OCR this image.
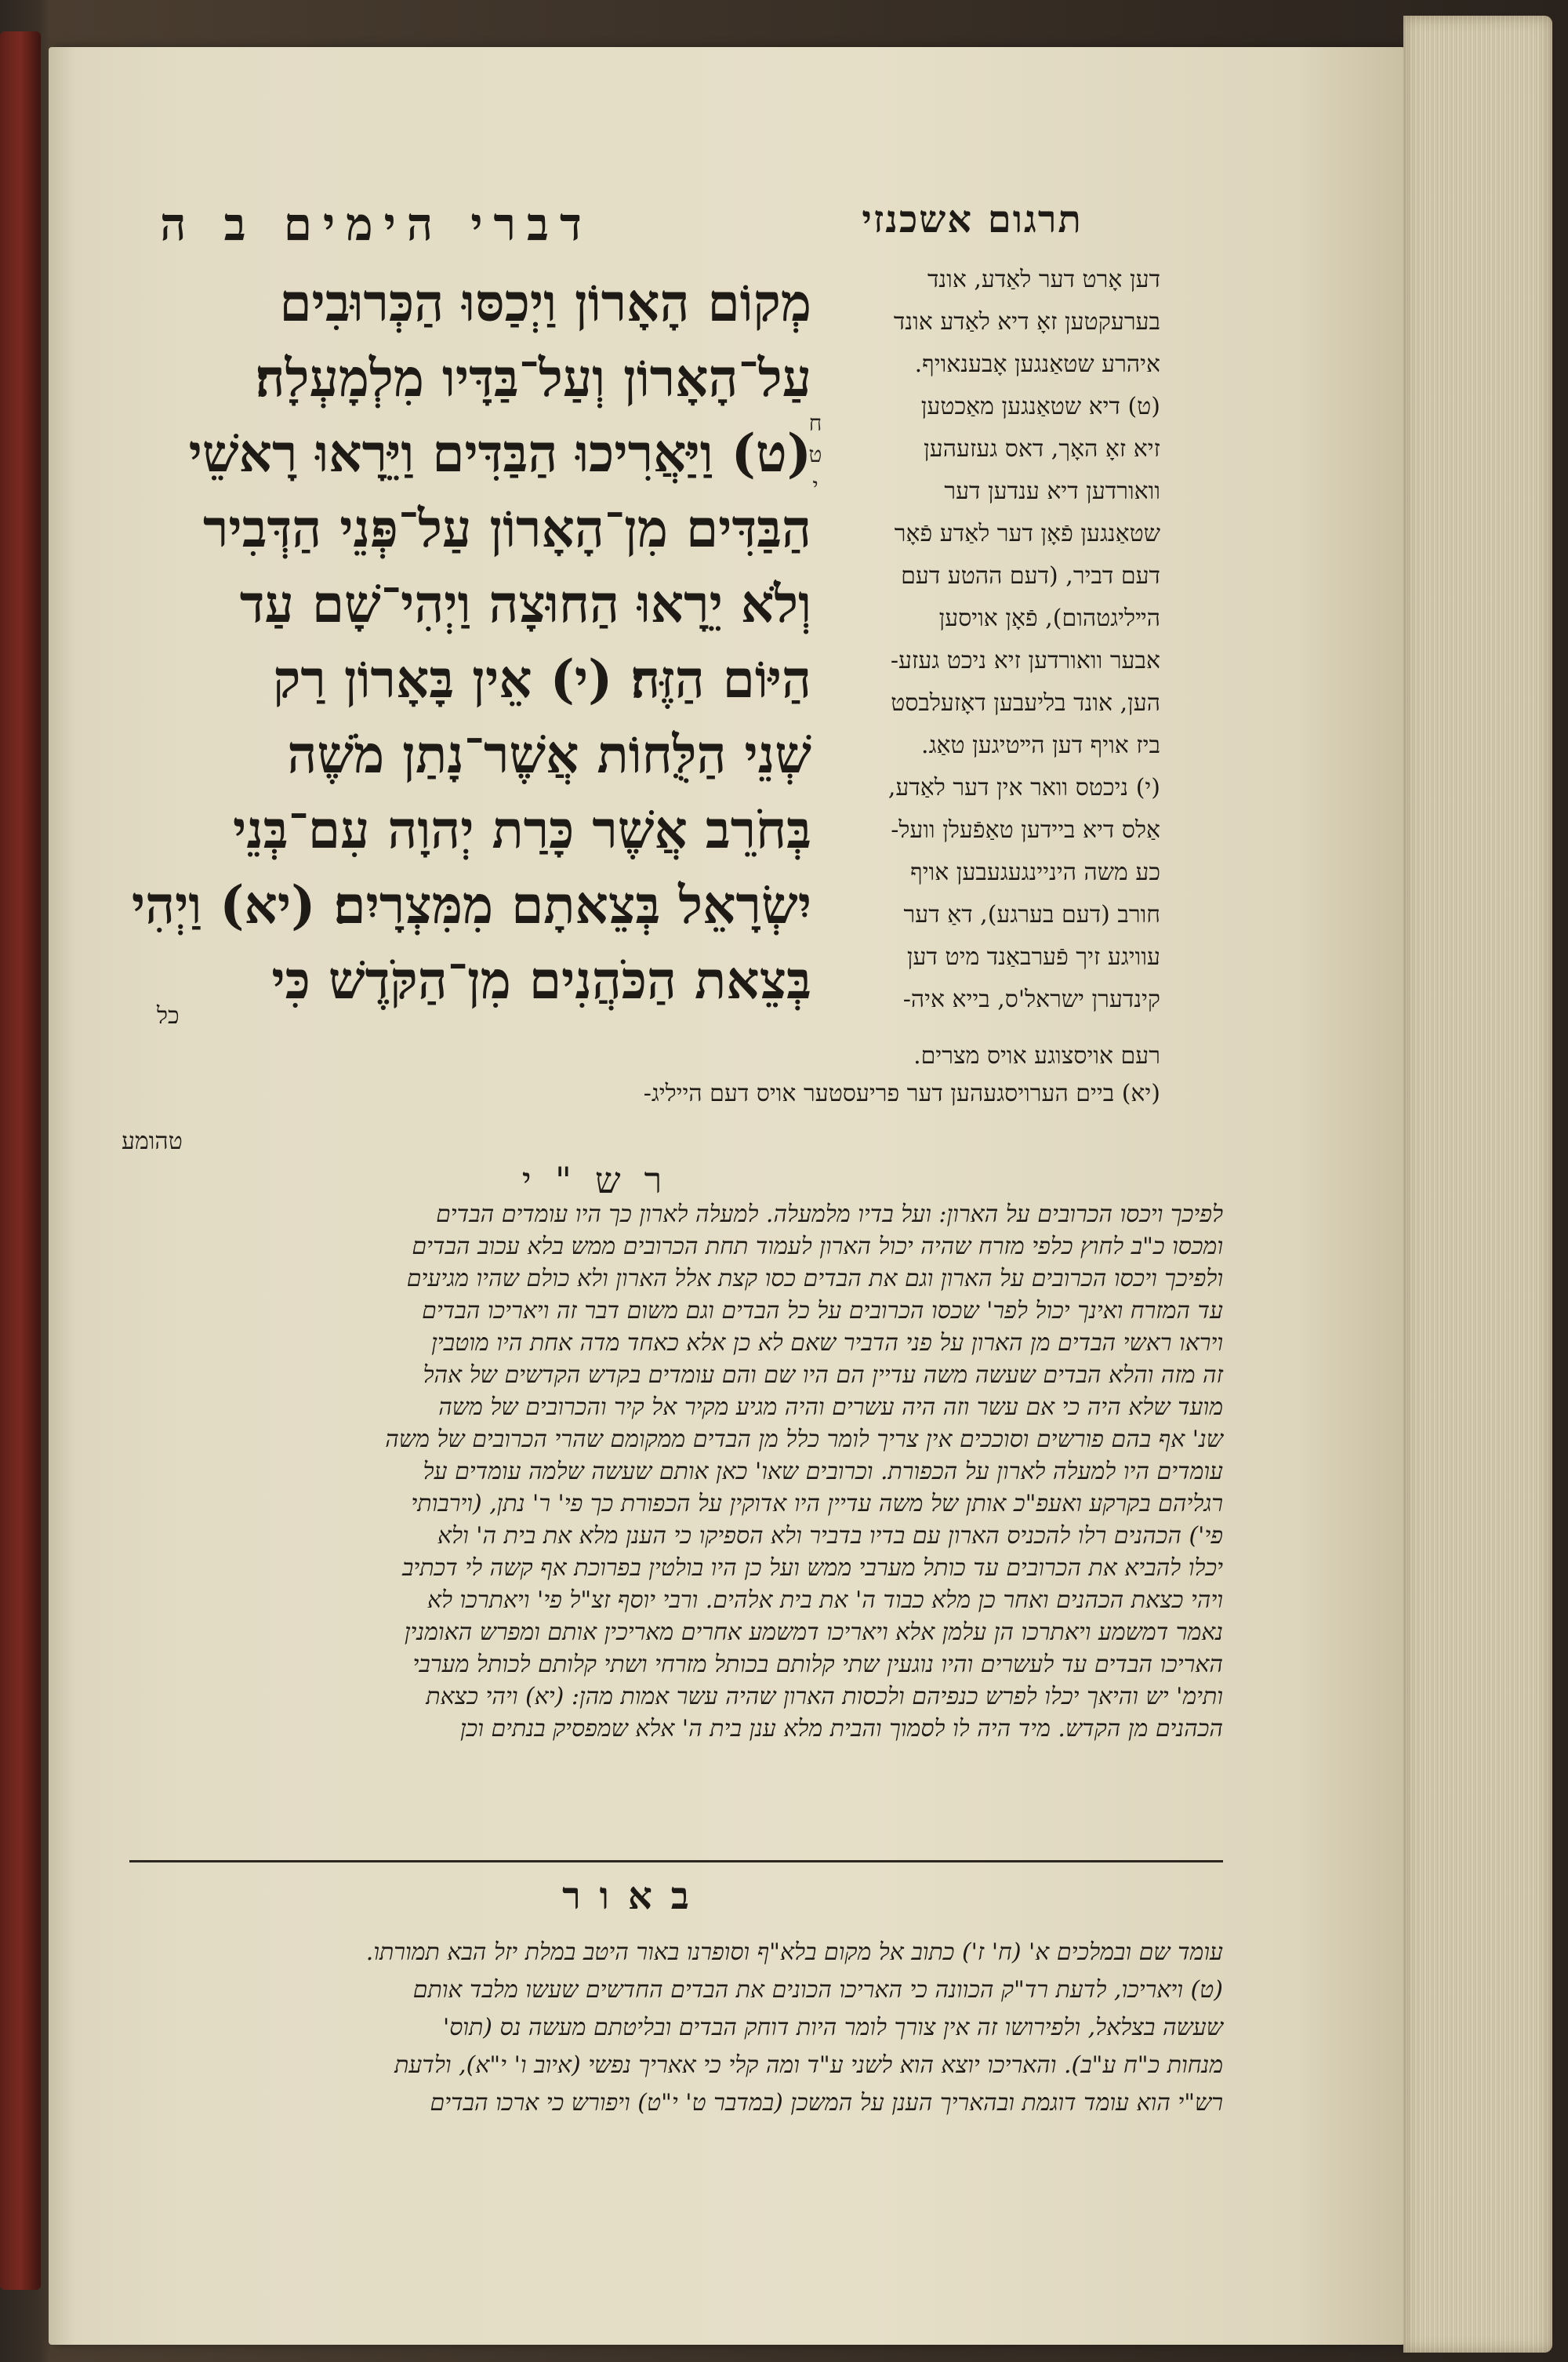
דברי הימים ב ה	תרגום אשכנזי
ח
ט
י
מְקוֹם הָאָרוֹן וַיְכַסּוּ הַכְּרוּבִים
עַל־הָאָרוֹן וְעַל־בַּדָּיו מִלְמָעְלָה׃
(ט) וַיַּאֲרִיכוּ הַבַּדִּים וַיֵּרָאוּ רָאשֵׁי
הַבַּדִּים מִן־הָאָרוֹן עַל־פְּנֵי הַדְּבִיר
וְלֹא יֵרָאוּ הַחוּצָה וַיְהִי־שָׁם עַד
הַיּוֹם הַזֶּה׃ (י) אֵין בָּאָרוֹן רַק
שְׁנֵי הַלֻּחוֹת אֲשֶׁר־נָתַן מֹשֶׁה
בְּחֹרֵב אֲשֶׁר כָּרַת יְהוָה עִם־בְּנֵי
יִשְׂרָאֵל בְּצֵאתָם מִמִּצְרָיִם׃ (יא) וַיְהִי
בְּצֵאת הַכֹּהֲנִים מִן־הַקֹּדֶשׁ כִּי
כל
דען אָרט דער לאַדע, אונד
בערעקטען זאָ דיא לאַדע אונד
איהרע שטאַנגען אָבענאויף.
(ט) דיא שטאַנגען מאַכטען
זיא זאָ האָך, דאס געזעהען
וואורדען דיא ענדען דער
שטאַנגען פֿאָן דער לאַדע פֿאָר
דעם דביר, (דעם ההטע דעם
הײליגטהום), פֿאָן אויסען
אבער וואורדען זיא ניכט געזע-
הען, אונד בליעבען דאָזעלבסט
ביז אויף דען הײטיגען טאַג.
(י) ניכטס וואר אין דער לאַדע,
אַלס דיא ביידען טאַפֿעלן וועל-
כע משה היניינגעגעבען אויף
חורב (דעם בערגע), דאַ דער
עוויגע זיך פֿערבאַנד מיט דען
קינדערן ישראל'ס, בייא איה-
רעם אויסצוגע אויס מצרים.
(יא) ביים הערויסגעהען דער פריעסטער אויס דעם הייליג-
טהומע
רש"י
לפיכך ויכסו הכרובים על הארון: ועל בדיו מלמעלה. למעלה לארון כך היו עומדים הבדים
ומכסו כ"ב לחוץ כלפי מזרח שהיה יכול הארון לעמוד תחת הכרובים ממש בלא עכוב הבדים
ולפיכך ויכסו הכרובים על הארון וגם את הבדים כסו קצת אלל הארון ולא כולם שהיו מגיעים
עד המזרח ואינך יכול לפר' שכסו הכרובים על כל הבדים וגם משום דבר זה ויאריכו הבדים
ויראו ראשי הבדים מן הארון על פני הדביר שאם לא כן אלא כאחד מדה אחת היו מוטבין
זה מזה והלא הבדים שעשה משה עדיין הם היו שם והם עומדים בקדש הקדשים של אהל
מועד שלא היה כי אם עשר וזה היה עשרים והיה מגיע מקיר אל קיר והכרובים של משה
שנ' אף בהם פורשים וסוככים אין צריך לומר כלל מן הבדים ממקומם שהרי הכרובים של משה
עומדים היו למעלה לארון על הכפורת. וכרובים שאו' כאן אותם שעשה שלמה עומדים על
רגליהם בקרקע ואעפ"כ אותן של משה עדיין היו אדוקין על הכפורת כך פי' ר' נתן, (וירבותי
פי') הכהנים רלו להכניס הארון עם בדיו בדביר ולא הספיקו כי הענן מלא את בית ה' ולא
יכלו להביא את הכרובים עד כותל מערבי ממש ועל כן היו בולטין בפרוכת אף קשה לי דכתיב
ויהי כצאת הכהנים ואחר כן מלא כבוד ה' את בית אלהים. ורבי יוסף זצ"ל פי' ויאתרכו לא
נאמר דמשמע ויאתרכו הן עלמן אלא ויאריכו דמשמע אחרים מאריכין אותם ומפרש האומנין
האריכו הבדים עד לעשרים והיו נוגעין שתי קלותם בכותל מזרחי ושתי קלותם לכותל מערבי
ותימ' יש והיאך יכלו לפרש כנפיהם ולכסות הארון שהיה עשר אמות מהן: (יא) ויהי כצאת
הכהנים מן הקדש. מיד היה לו לסמוך והבית מלא ענן בית ה' אלא שמפסיק בנתים וכן
באור
עומד שם ובמלכים א' (ח' ז') כתוב אל מקום בלא"ף וסופרנו באור היטב במלת יזל הבא תמורתו.
(ט) ויאריכו, לדעת רד"ק הכוונה כי האריכו הכונים את הבדים החדשים שעשו מלבד אותם
שעשה בצלאל, ולפירושו זה אין צורך לומר היות דוחק הבדים ובליטתם מעשה נס (תוס'
מנחות כ"ח ע"ב). והאריכו יוצא הוא לשני ע"ד ומה קלי כי אאריך נפשי (איוב ו' י"א), ולדעת
רש"י הוא עומד דוגמת ובהאריך הענן על המשכן (במדבר ט' י"ט) ויפורש כי ארכו הבדים
